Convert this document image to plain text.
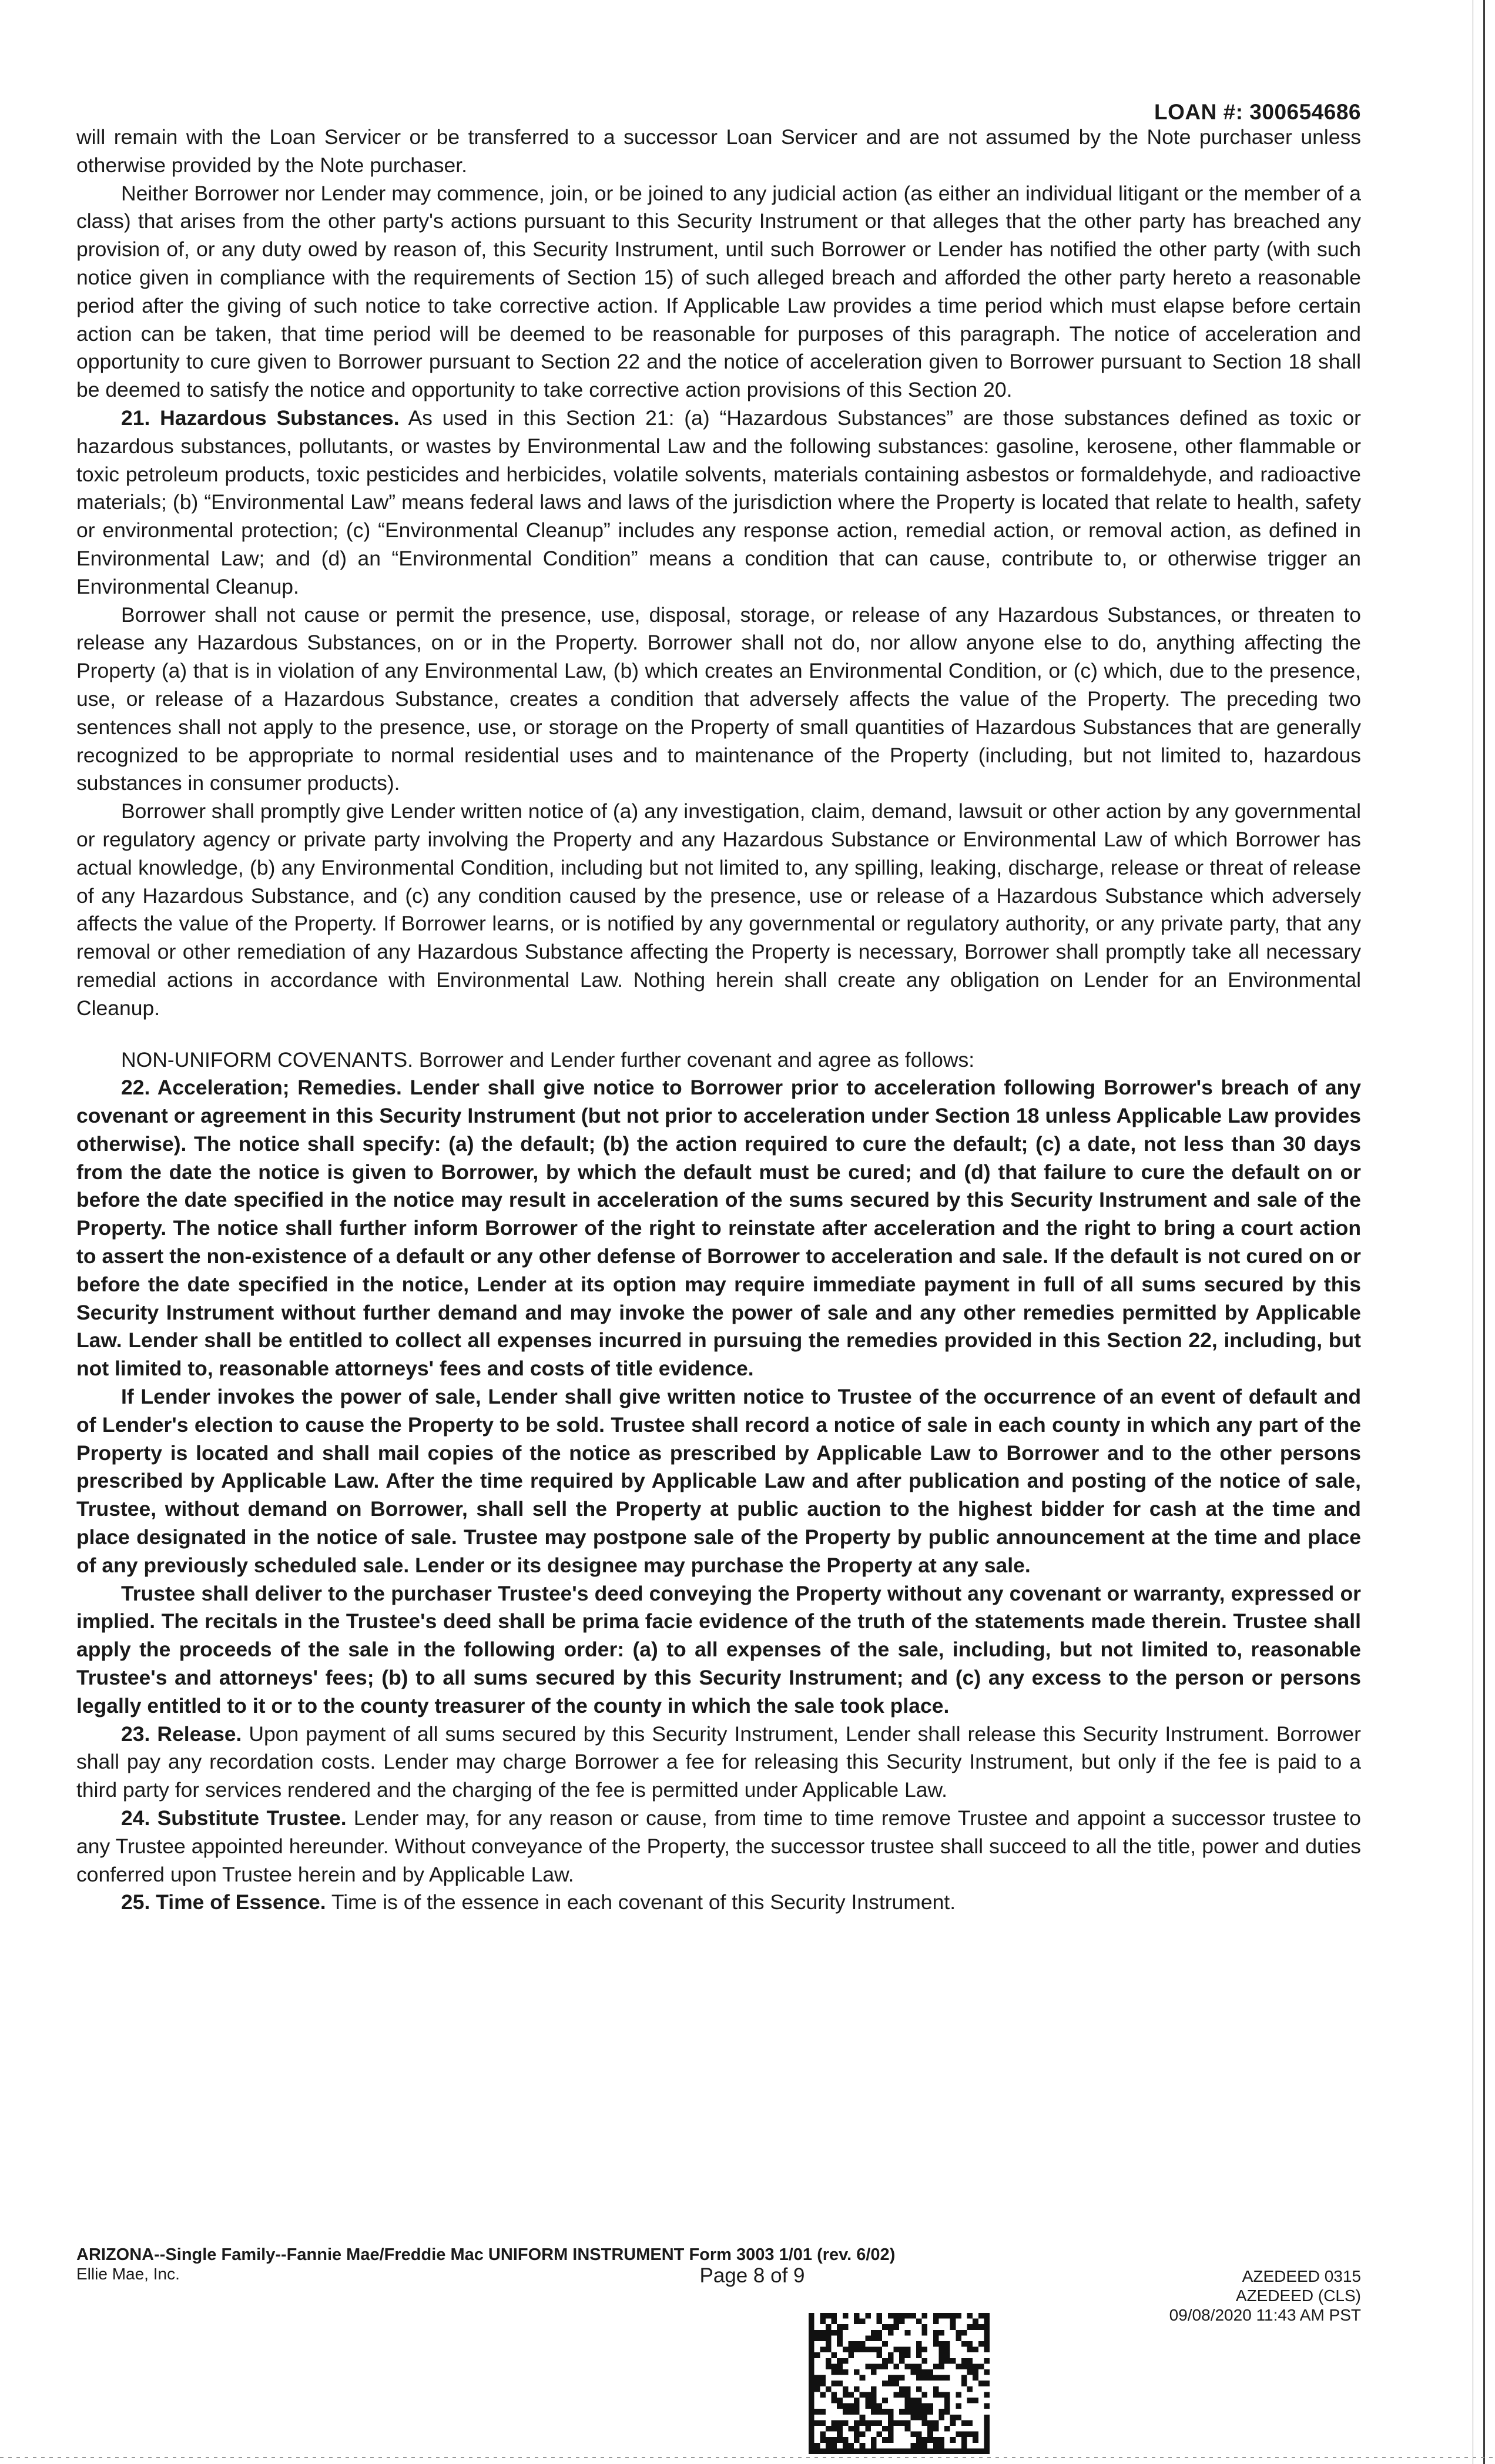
LOAN #: 300654686

will remain with the Loan Servicer or be transferred to a successor Loan Servicer and are not assumed by the Note purchaser unless otherwise provided by the Note purchaser.

Neither Borrower nor Lender may commence, join, or be joined to any judicial action (as either an individual litigant or the member of a class) that arises from the other party's actions pursuant to this Security Instrument or that alleges that the other party has breached any provision of, or any duty owed by reason of, this Security Instrument, until such Borrower or Lender has notified the other party (with such notice given in compliance with the requirements of Section 15) of such alleged breach and afforded the other party hereto a reasonable period after the giving of such notice to take corrective action. If Applicable Law provides a time period which must elapse before certain action can be taken, that time period will be deemed to be reasonable for purposes of this paragraph. The notice of acceleration and opportunity to cure given to Borrower pursuant to Section 22 and the notice of acceleration given to Borrower pursuant to Section 18 shall be deemed to satisfy the notice and opportunity to take corrective action provisions of this Section 20.

21. Hazardous Substances. As used in this Section 21: (a) “Hazardous Substances” are those substances defined as toxic or hazardous substances, pollutants, or wastes by Environmental Law and the following substances: gasoline, kerosene, other flammable or toxic petroleum products, toxic pesticides and herbicides, volatile solvents, materials containing asbestos or formaldehyde, and radioactive materials; (b) “Environmental Law” means federal laws and laws of the jurisdiction where the Property is located that relate to health, safety or environmental protection; (c) “Environmental Cleanup” includes any response action, remedial action, or removal action, as defined in Environmental Law; and (d) an “Environmental Condition” means a condition that can cause, contribute to, or otherwise trigger an Environmental Cleanup.

Borrower shall not cause or permit the presence, use, disposal, storage, or release of any Hazardous Substances, or threaten to release any Hazardous Substances, on or in the Property. Borrower shall not do, nor allow anyone else to do, anything affecting the Property (a) that is in violation of any Environmental Law, (b) which creates an Environmental Condition, or (c) which, due to the presence, use, or release of a Hazardous Substance, creates a condition that adversely affects the value of the Property. The preceding two sentences shall not apply to the presence, use, or storage on the Property of small quantities of Hazardous Substances that are generally recognized to be appropriate to normal residential uses and to maintenance of the Property (including, but not limited to, hazardous substances in consumer products).

Borrower shall promptly give Lender written notice of (a) any investigation, claim, demand, lawsuit or other action by any governmental or regulatory agency or private party involving the Property and any Hazardous Substance or Environmental Law of which Borrower has actual knowledge, (b) any Environmental Condition, including but not limited to, any spilling, leaking, discharge, release or threat of release of any Hazardous Substance, and (c) any condition caused by the presence, use or release of a Hazardous Substance which adversely affects the value of the Property. If Borrower learns, or is notified by any governmental or regulatory authority, or any private party, that any removal or other remediation of any Hazardous Substance affecting the Property is necessary, Borrower shall promptly take all necessary remedial actions in accordance with Environmental Law. Nothing herein shall create any obligation on Lender for an Environmental Cleanup.

NON-UNIFORM COVENANTS. Borrower and Lender further covenant and agree as follows:

22. Acceleration; Remedies. Lender shall give notice to Borrower prior to acceleration following Borrower's breach of any covenant or agreement in this Security Instrument (but not prior to acceleration under Section 18 unless Applicable Law provides otherwise). The notice shall specify: (a) the default; (b) the action required to cure the default; (c) a date, not less than 30 days from the date the notice is given to Borrower, by which the default must be cured; and (d) that failure to cure the default on or before the date specified in the notice may result in acceleration of the sums secured by this Security Instrument and sale of the Property. The notice shall further inform Borrower of the right to reinstate after acceleration and the right to bring a court action to assert the non-existence of a default or any other defense of Borrower to acceleration and sale. If the default is not cured on or before the date specified in the notice, Lender at its option may require immediate payment in full of all sums secured by this Security Instrument without further demand and may invoke the power of sale and any other remedies permitted by Applicable Law. Lender shall be entitled to collect all expenses incurred in pursuing the remedies provided in this Section 22, including, but not limited to, reasonable attorneys' fees and costs of title evidence.

If Lender invokes the power of sale, Lender shall give written notice to Trustee of the occurrence of an event of default and of Lender's election to cause the Property to be sold. Trustee shall record a notice of sale in each county in which any part of the Property is located and shall mail copies of the notice as prescribed by Applicable Law to Borrower and to the other persons prescribed by Applicable Law. After the time required by Applicable Law and after publication and posting of the notice of sale, Trustee, without demand on Borrower, shall sell the Property at public auction to the highest bidder for cash at the time and place designated in the notice of sale. Trustee may postpone sale of the Property by public announcement at the time and place of any previously scheduled sale. Lender or its designee may purchase the Property at any sale.

Trustee shall deliver to the purchaser Trustee's deed conveying the Property without any covenant or warranty, expressed or implied. The recitals in the Trustee's deed shall be prima facie evidence of the truth of the statements made therein. Trustee shall apply the proceeds of the sale in the following order: (a) to all expenses of the sale, including, but not limited to, reasonable Trustee's and attorneys' fees; (b) to all sums secured by this Security Instrument; and (c) any excess to the person or persons legally entitled to it or to the county treasurer of the county in which the sale took place.

23. Release. Upon payment of all sums secured by this Security Instrument, Lender shall release this Security Instrument. Borrower shall pay any recordation costs. Lender may charge Borrower a fee for releasing this Security Instrument, but only if the fee is paid to a third party for services rendered and the charging of the fee is permitted under Applicable Law.

24. Substitute Trustee. Lender may, for any reason or cause, from time to time remove Trustee and appoint a successor trustee to any Trustee appointed hereunder. Without conveyance of the Property, the successor trustee shall succeed to all the title, power and duties conferred upon Trustee herein and by Applicable Law.

25. Time of Essence. Time is of the essence in each covenant of this Security Instrument.

ARIZONA--Single Family--Fannie Mae/Freddie Mac UNIFORM INSTRUMENT Form 3003 1/01 (rev. 6/02)
Ellie Mae, Inc.	Page 8 of 9	AZEDEED 0315
AZEDEED (CLS)
09/08/2020 11:43 AM PST
